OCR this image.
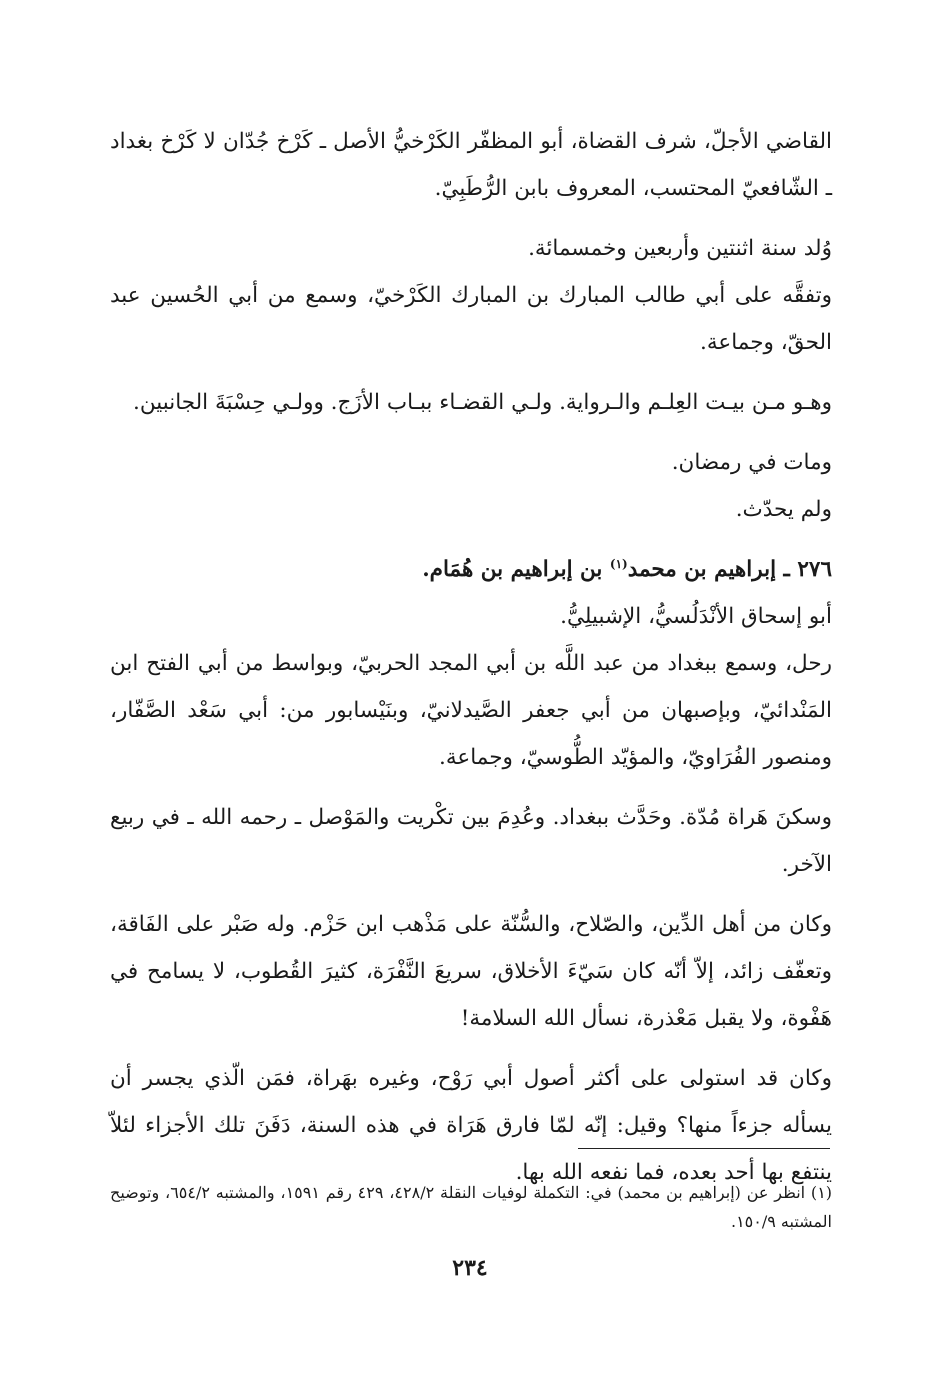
القاضي الأجلّ، شرف القضاة، أبو المظفّر الكَرْخيُّ الأصل ـ كَرْخ جُدّان لا كَرْخ بغداد ـ الشّافعيّ المحتسب، المعروف بابن الرُّطَبِيّ.

وُلد سنة اثنتين وأربعين وخمسمائة.

وتفقَّه على أبي طالب المبارك بن المبارك الكَرْخيّ، وسمع من أبي الحُسين عبد الحقّ، وجماعة.

وهـو مـن بيـت العِلـم والـرواية. ولـي القضـاء ببـاب الأزَج. وولـي حِسْبَةَ الجانبين.

ومات في رمضان.

ولم يحدّث.

٢٧٦ ـ إبراهيم بن محمد$^{(١)}$ بن إبراهيم بن هُمَام.

أبو إسحاق الأنْدَلُسيُّ، الإشبيلِيُّ.

رحل، وسمع ببغداد من عبد اللَّه بن أبي المجد الحربيّ، وبواسط من أبي الفتح ابن المَنْدائيّ، وبإصبهان من أبي جعفر الصَّيدلانيّ، وبنَيْسابور من: أبي سَعْد الصَّفّار، ومنصور الفُرَاويّ، والمؤيّد الطُّوسيّ، وجماعة.

وسكنَ هَراة مُدّة. وحَدَّث ببغداد. وعُدِمَ بين تكْريت والمَوْصل ـ رحمه الله ـ في ربيع الآخر.

وكان من أهل الدِّين، والصّلاح، والسُّنّة على مَذْهب ابن حَزْم. وله صَبْر على الفَاقة، وتعفّف زائد، إلاّ أنّه كان سَيّءَ الأخلاق، سريعَ النَّفْرَة، كثيرَ القُطوب، لا يسامح في هَفْوة، ولا يقبل مَعْذرة، نسأل الله السلامة!

وكان قد استولى على أكثر أصول أبي رَوْح، وغيره بهَراة، فمَن الّذي يجسر أن يسأله جزءاً منها؟ وقيل: إنّه لمّا فارق هَرَاة في هذه السنة، دَفَنَ تلك الأجزاء لئلاّ ينتفع بها أحد بعده، فما نفعه الله بها.

(١) انظر عن (إبراهيم بن محمد) في: التكملة لوفيات النقلة ٤٢٨/٢، ٤٢٩ رقم ١٥٩١، والمشتبه ٦٥٤/٢، وتوضيح المشتبه ١٥٠/٩.
٢٣٤
